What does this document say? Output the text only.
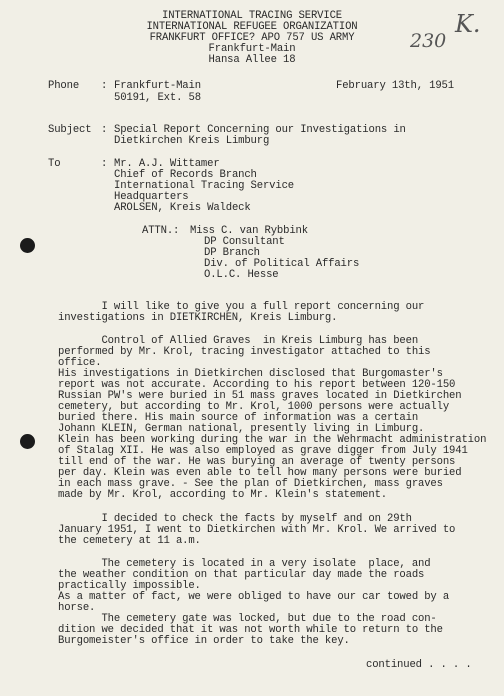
INTERNATIONAL TRACING SERVICE
INTERNATIONAL REFUGEE ORGANIZATION
FRANKFURT OFFICE? APO 757 US ARMY
Frankfurt-Main
Hansa Allee 18
230
K.
Phone : Frankfurt-Main
50191, Ext. 58
February 13th, 1951
Subject : Special Report Concerning our Investigations in
Dietkirchen Kreis Limburg
To	: Mr. A.J. Wittamer
Chief of Records Branch
International Tracing Service
Headquarters
AROLSEN, Kreis Waldeck
ATTN.: Miss C. van Rybbink
DP Consultant
DP Branch
Div. of Political Affairs
O.L.C. Hesse
I will like to give you a full report concerning our
investigations in DIETKIRCHEN, Kreis Limburg.
Control of Allied Graves  in Kreis Limburg has been
performed by Mr. Krol, tracing investigator attached to this
office.
His investigations in Dietkirchen disclosed that Burgomaster's
report was not accurate. According to his report between 120-150
Russian PW's were buried in 51 mass graves located in Dietkirchen
cemetery, but according to Mr. Krol, 1000 persons were actually
buried there. His main source of information was a certain
Johann KLEIN, German national, presently living in Limburg.
Klein has been working during the war in the Wehrmacht administration
of Stalag XII. He was also employed as grave digger from July 1941
till end of the war. He was burying an average of twenty persons
per day. Klein was even able to tell how many persons were buried
in each mass grave. - See the plan of Dietkirchen, mass graves
made by Mr. Krol, according to Mr. Klein's statement.
I decided to check the facts by myself and on 29th
January 1951, I went to Dietkirchen with Mr. Krol. We arrived to
the cemetery at 11 a.m.
The cemetery is located in a very isolate  place, and
the weather condition on that particular day made the roads
practically impossible.
As a matter of fact, we were obliged to have our car towed by a
horse.
The cemetery gate was locked, but due to the road con-
dition we decided that it was not worth while to return to the
Burgomeister's office in order to take the key.
continued . . . .
